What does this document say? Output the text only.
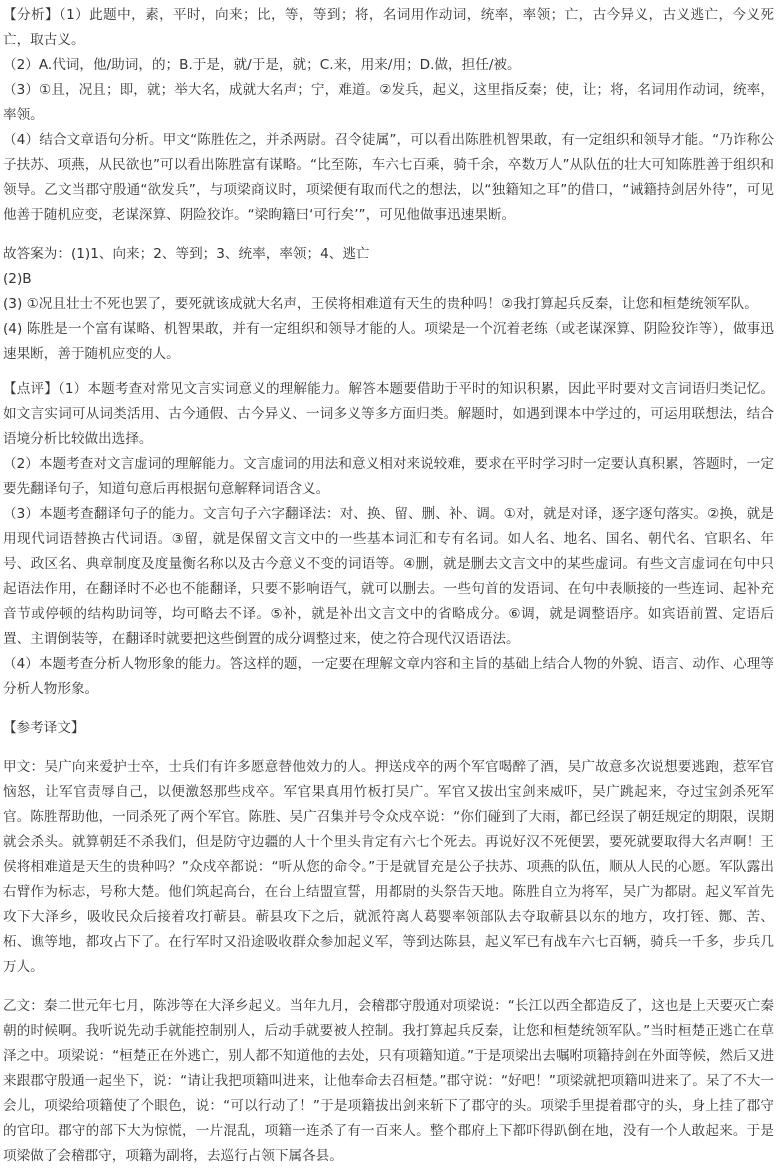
【分析】（1）此题中，素，平时，向来；比，等，等到；将，名词用作动词，统率，率领；亡，古今异义，古义逃亡，今义死亡，取古义。

（2）A.代词，他/助词，的；B.于是，就/于是，就；C.来，用来/用；D.做，担任/被。

（3）①且，况且；即，就；举大名，成就大名声；宁，难道。②发兵，起义，这里指反秦；使，让；将，名词用作动词，统率，率领。

（4）结合文章语句分析。甲文“陈胜佐之，并杀两尉。召令徒属”，可以看出陈胜机智果敢，有一定组织和领导才能。“乃诈称公子扶苏、项燕，从民欲也”可以看出陈胜富有谋略。“比至陈，车六七百乘，骑千余，卒数万人”从队伍的壮大可知陈胜善于组织和领导。乙文当郡守殷通“欲发兵”，与项梁商议时，项梁便有取而代之的想法，以“独籍知之耳”的借口，“诫籍持剑居外待”，可见他善于随机应变，老谋深算、阴险狡诈。“梁眴籍曰‘可行矣’”，可见他做事迅速果断。

故答案为：(1)1、向来；2、等到；3、统率，率领；4、逃亡

(2)B

(3) ①况且壮士不死也罢了，要死就该成就大名声，王侯将相难道有天生的贵种吗！②我打算起兵反秦，让您和桓楚统领军队。

(4) 陈胜是一个富有谋略、机智果敢，并有一定组织和领导才能的人。项梁是一个沉着老练（或老谋深算、阴险狡诈等），做事迅速果断，善于随机应变的人。

【点评】（1）本题考查对常见文言实词意义的理解能力。解答本题要借助于平时的知识积累，因此平时要对文言词语归类记忆。如文言实词可从词类活用、古今通假、古今异义、一词多义等多方面归类。解题时，如遇到课本中学过的，可运用联想法，结合语境分析比较做出选择。

（2）本题考查对文言虚词的理解能力。文言虚词的用法和意义相对来说较难，要求在平时学习时一定要认真积累，答题时，一定要先翻译句子，知道句意后再根据句意解释词语含义。

（3）本题考查翻译句子的能力。文言句子六字翻译法：对、换、留、删、补、调。①对，就是对译，逐字逐句落实。②换，就是用现代词语替换古代词语。③留，就是保留文言文中的一些基本词汇和专有名词。如人名、地名、国名、朝代名、官职名、年号、政区名、典章制度及度量衡名称以及古今意义不变的词语等。④删，就是删去文言文中的某些虚词。有些文言虚词在句中只起语法作用，在翻译时不必也不能翻译，只要不影响语气，就可以删去。一些句首的发语词、在句中表顺接的一些连词、起补充音节或停顿的结构助词等，均可略去不译。⑤补，就是补出文言文中的省略成分。⑥调，就是调整语序。如宾语前置、定语后置、主谓倒装等，在翻译时就要把这些倒置的成分调整过来，使之符合现代汉语语法。

（4）本题考查分析人物形象的能力。答这样的题，一定要在理解文章内容和主旨的基础上结合人物的外貌、语言、动作、心理等分析人物形象。

【参考译文】

甲文：吴广向来爱护士卒，士兵们有许多愿意替他效力的人。押送戍卒的两个军官喝醉了酒，吴广故意多次说想要逃跑，惹军官恼怒，让军官责辱自己，以便激怒那些戍卒。军官果真用竹板打吴广。军官又拔出宝剑来威吓，吴广跳起来，夺过宝剑杀死军官。陈胜帮助他，一同杀死了两个军官。陈胜、吴广召集并号令众戍卒说：“你们碰到了大雨，都已经误了朝廷规定的期限，误期就会杀头。就算朝廷不杀我们，但是防守边疆的人十个里头肯定有六七个死去。再说好汉不死便罢，要死就要取得大名声啊！王侯将相难道是天生的贵种吗？”众戍卒都说：“听从您的命令。”于是就冒充是公子扶苏、项燕的队伍，顺从人民的心愿。军队露出右臂作为标志，号称大楚。他们筑起高台，在台上结盟宣誓，用都尉的头祭告天地。陈胜自立为将军，吴广为都尉。起义军首先攻下大泽乡，吸收民众后接着攻打蕲县。蕲县攻下之后，就派符离人葛婴率领部队去夺取蕲县以东的地方，攻打铚、酂、苦、柘、谯等地，都攻占下了。在行军时又沿途吸收群众参加起义军，等到达陈县，起义军已有战车六七百辆，骑兵一千多，步兵几万人。

乙文：秦二世元年七月，陈涉等在大泽乡起义。当年九月，会稽郡守殷通对项梁说：“长江以西全都造反了，这也是上天要灭亡秦朝的时候啊。我听说先动手就能控制别人，后动手就要被人控制。我打算起兵反秦，让您和桓楚统领军队。”当时桓楚正逃亡在草泽之中。项梁说：“桓楚正在外逃亡，别人都不知道他的去处，只有项籍知道。”于是项梁出去嘱咐项籍持剑在外面等候，然后又进来跟郡守殷通一起坐下，说：“请让我把项籍叫进来，让他奉命去召桓楚。”郡守说：“好吧！”项梁就把项籍叫进来了。呆了不大一会儿，项梁给项籍使了个眼色，说：“可以行动了！”于是项籍拔出剑来斩下了郡守的头。项梁手里提着郡守的头，身上挂了郡守的官印。郡守的部下大为惊慌，一片混乱，项籍一连杀了有一百来人。整个郡府上下都吓得趴倒在地，没有一个人敢起来。于是项梁做了会稽郡守，项籍为副将，去巡行占领下属各县。
